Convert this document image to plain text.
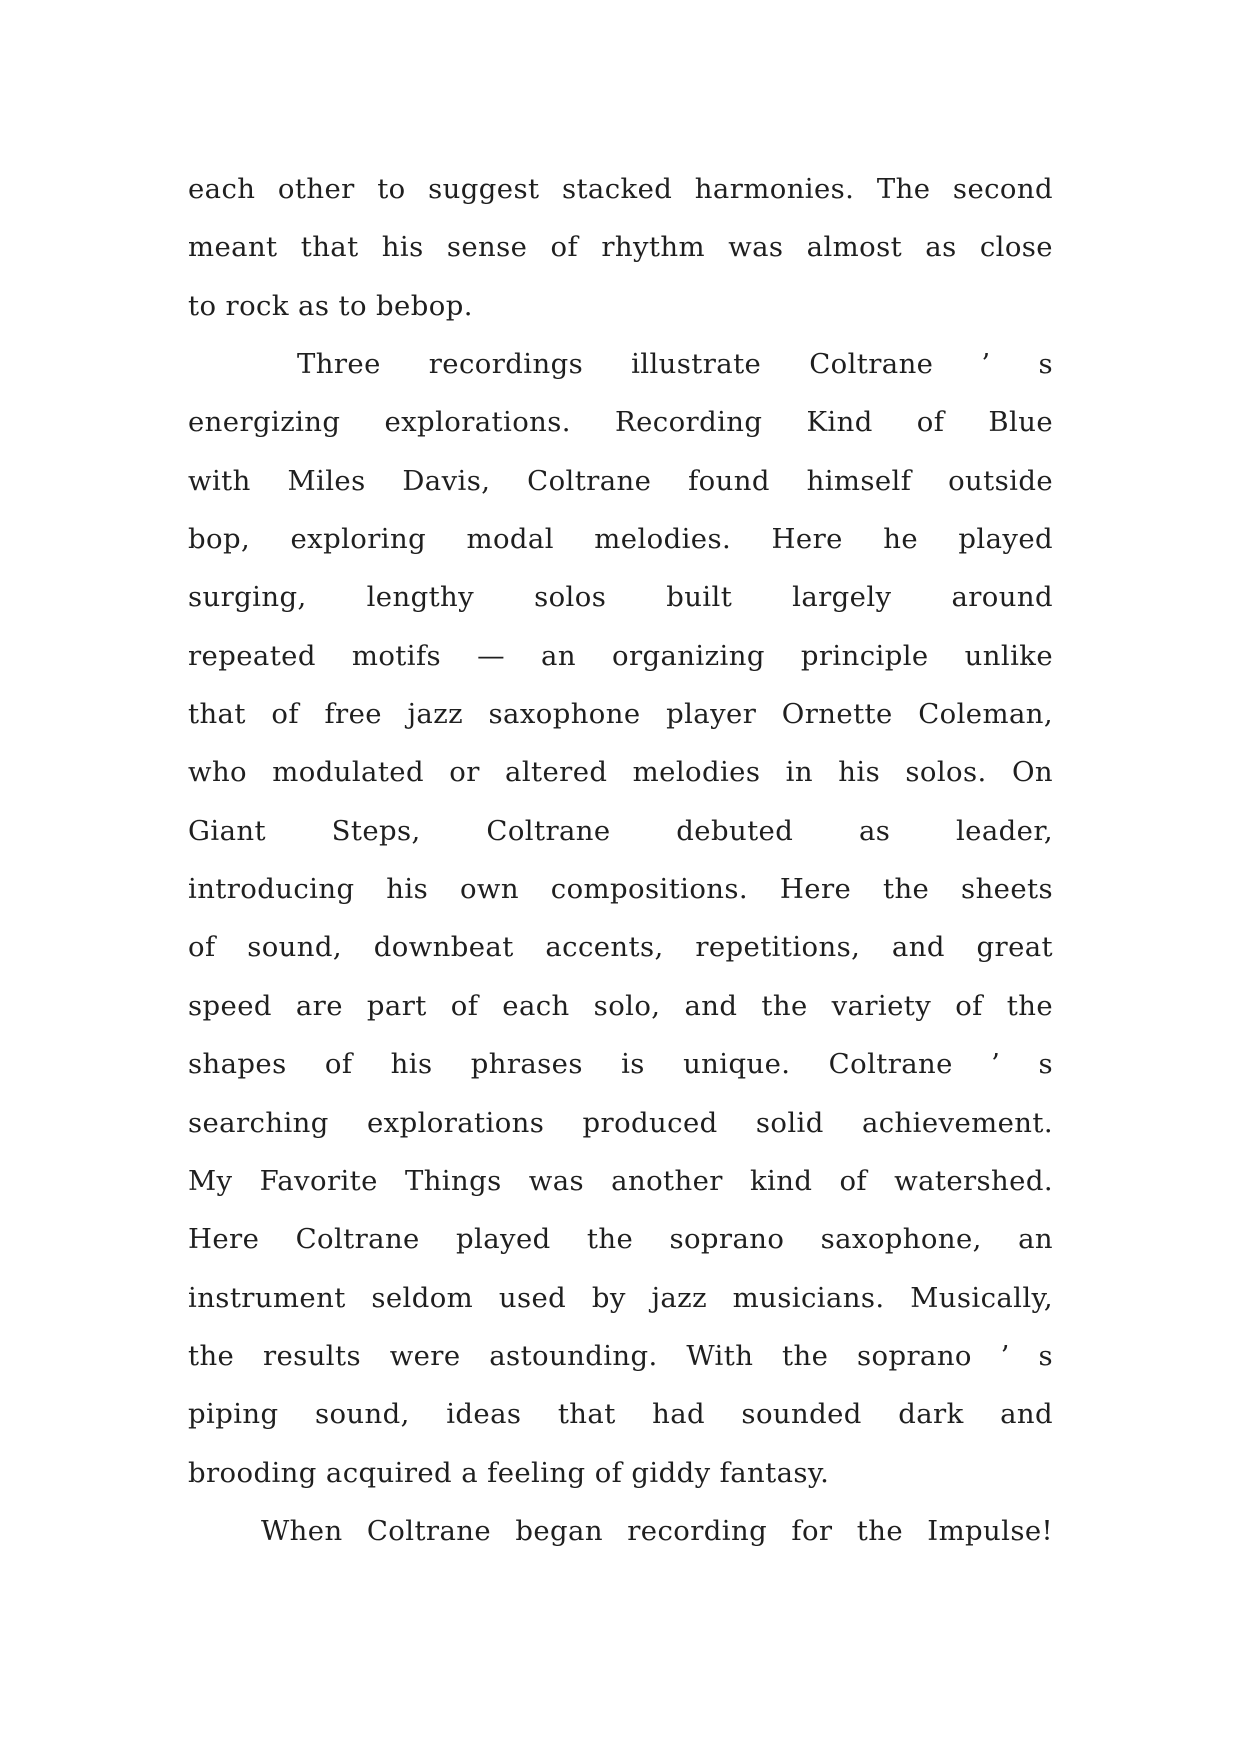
each other to suggest stacked harmonies. The second
meant that his sense of rhythm was almost as close
to rock as to bebop.
Three recordings illustrate Coltrane ’ s
energizing explorations. Recording Kind of Blue
with Miles Davis, Coltrane found himself outside
bop, exploring modal melodies. Here he played
surging, lengthy solos built largely around
repeated motifs — an organizing principle unlike
that of free jazz saxophone player Ornette Coleman,
who modulated or altered melodies in his solos. On
Giant Steps, Coltrane debuted as leader,
introducing his own compositions. Here the sheets
of sound, downbeat accents, repetitions, and great
speed are part of each solo, and the variety of the
shapes of his phrases is unique. Coltrane ’ s
searching explorations produced solid achievement.
My Favorite Things was another kind of watershed.
Here Coltrane played the soprano saxophone, an
instrument seldom used by jazz musicians. Musically,
the results were astounding. With the soprano ’ s
piping sound, ideas that had sounded dark and
brooding acquired a feeling of giddy fantasy.
When Coltrane began recording for the Impulse!
